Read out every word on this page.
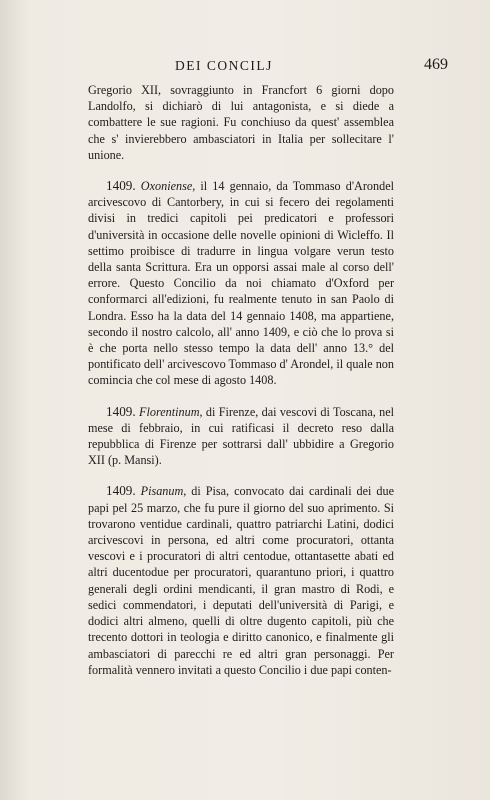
DEI CONCILJ	469

Gregorio XII, sovraggiunto in Francfort 6 giorni dopo Landolfo, si dichiarò di lui antagonista, e si diede a combattere le sue ragioni. Fu conchiuso da quest' assemblea che s' invierebbero ambasciatori in Italia per sollecitare l' unione.

1409. Oxoniense, il 14 gennaio, da Tommaso d'Arondel arcivescovo di Cantorbery, in cui si fecero dei regolamenti divisi in tredici capitoli pei predicatori e professori d'università in occasione delle novelle opinioni di Wicleffo. Il settimo proibisce di tradurre in lingua volgare verun testo della santa Scrittura. Era un opporsi assai male al corso dell' errore. Questo Concilio da noi chiamato d'Oxford per conformarci all'edizioni, fu realmente tenuto in san Paolo di Londra. Esso ha la data del 14 gennaio 1408, ma appartiene, secondo il nostro calcolo, all' anno 1409, e ciò che lo prova si è che porta nello stesso tempo la data dell' anno 13.° del pontificato dell' arcivescovo Tommaso d' Arondel, il quale non comincia che col mese di agosto 1408.

1409. Florentinum, di Firenze, dai vescovi di Toscana, nel mese di febbraio, in cui ratificasi il decreto reso dalla repubblica di Firenze per sottrarsi dall' ubbidire a Gregorio XII (p. Mansi).

1409. Pisanum, di Pisa, convocato dai cardinali dei due papi pel 25 marzo, che fu pure il giorno del suo aprimento. Si trovarono ventidue cardinali, quattro patriarchi Latini, dodici arcivescovi in persona, ed altri come procuratori, ottanta vescovi e i procuratori di altri centodue, ottantasette abati ed altri ducentodue per procuratori, quarantuno priori, i quattro generali degli ordini mendicanti, il gran mastro di Rodi, e sedici commendatori, i deputati dell'università di Parigi, e dodici altri almeno, quelli di oltre dugento capitoli, più che trecento dottori in teologia e diritto canonico, e finalmente gli ambasciatori di parecchi re ed altri gran personaggi. Per formalità vennero invitati a questo Concilio i due papi conten-
